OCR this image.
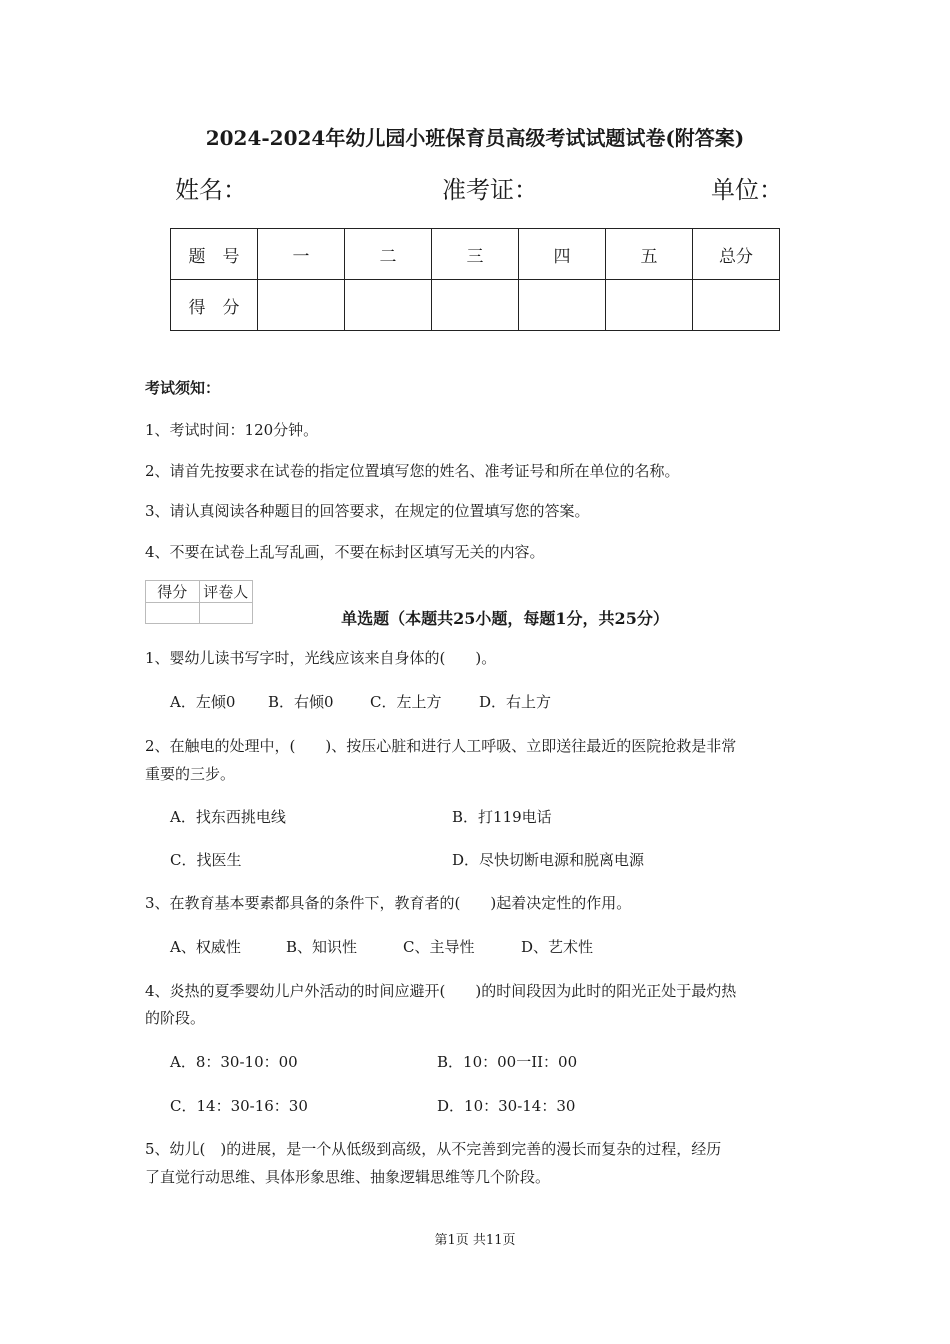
2024-2024年幼儿园小班保育员高级考试试题试卷(附答案)
姓名：	准考证：	单位：
题　号	一	二	三	四	五	总分
得　分						
考试须知：
1、考试时间：120分钟。
2、请首先按要求在试卷的指定位置填写您的姓名、准考证号和所在单位的名称。
3、请认真阅读各种题目的回答要求，在规定的位置填写您的答案。
4、不要在试卷上乱写乱画，不要在标封区填写无关的内容。
得分	评卷人

单选题（本题共25小题，每题1分，共25分）
1、婴幼儿读书写字时，光线应该来自身体的(　　)。
A．左倾0 B．右倾0 C．左上方	D．右上方
2、在触电的处理中，(　　)、按压心脏和进行人工呼吸、立即送往最近的医院抢救是非常
重要的三步。
A．找东西挑电线	B．打119电话
C．找医生	D．尽快切断电源和脱离电源
3、在教育基本要素都具备的条件下，教育者的(　　)起着决定性的作用。
A、权威性	B、知识性	C、主导性	D、艺术性
4、炎热的夏季婴幼儿户外活动的时间应避开(　　)的时间段因为此时的阳光正处于最灼热
的阶段。
A．8：30-10：00	B．10：00一II：00
C．14：30-16：30	D．10：30-14：30
5、幼儿(　)的进展，是一个从低级到高级，从不完善到完善的漫长而复杂的过程，经历
了直觉行动思维、具体形象思维、抽象逻辑思维等几个阶段。
第1页 共11页
